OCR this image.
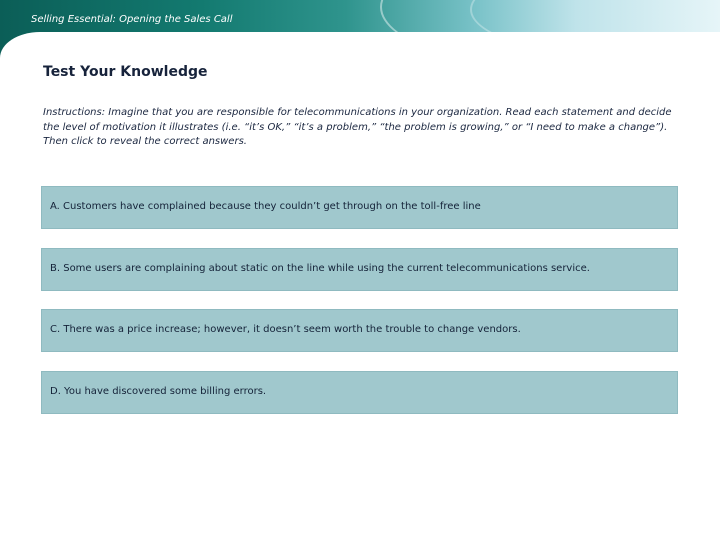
Selling Essential: Opening the Sales Call
Test Your Knowledge

Instructions: Imagine that you are responsible for telecommunications in your organization. Read each statement and decide the level of motivation it illustrates (i.e. “it’s OK,” “it’s a problem,” “the problem is growing,” or “I need to make a change”). Then click to reveal the correct answers.

A. Customers have complained because they couldn’t get through on the toll-free line
B. Some users are complaining about static on the line while using the current telecommunications service.
C. There was a price increase; however, it doesn’t seem worth the trouble to change vendors.
D. You have discovered some billing errors.
